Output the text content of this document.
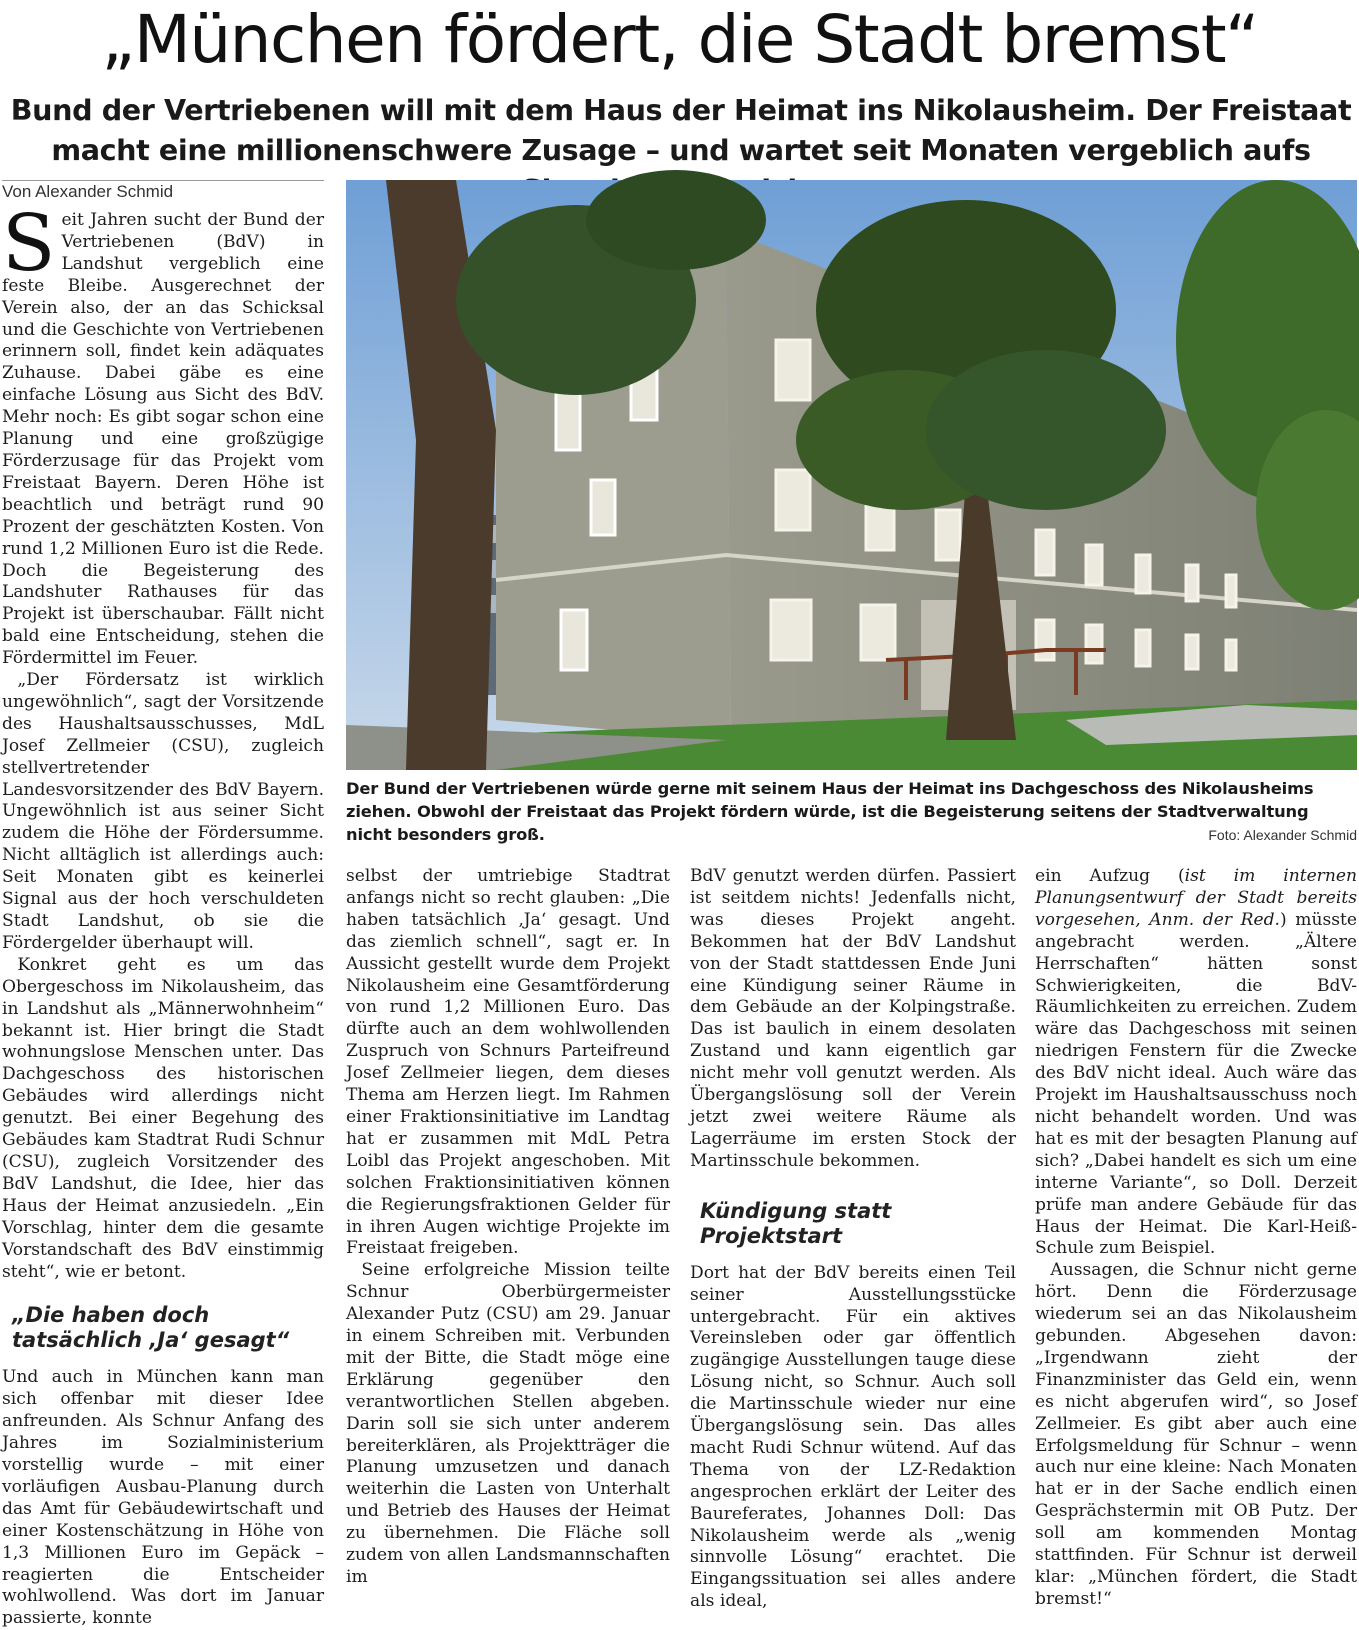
„München fördert, die Stadt bremst“
Bund der Vertriebenen will mit dem Haus der Heimat ins Nikolausheim. Der Freistaat macht eine millionenschwere Zusage – und wartet seit Monaten vergeblich aufs
Von Alexander Schmid

Seit Jahren sucht der Bund der Vertriebenen (BdV) in Landshut vergeblich eine feste Bleibe. Ausgerechnet der Verein also, der an das Schicksal und die Geschichte von Vertriebenen erinnern soll, findet kein adäquates Zuhause. Dabei gäbe es eine einfache Lösung aus Sicht des BdV. Mehr noch: Es gibt sogar schon eine Planung und eine großzügige Förderzusage für das Projekt vom Freistaat Bayern. Deren Höhe ist beachtlich und beträgt rund 90 Prozent der geschätzten Kosten. Von rund 1,2 Millionen Euro ist die Rede. Doch die Begeisterung des Landshuter Rathauses für das Projekt ist überschaubar. Fällt nicht bald eine Entscheidung, stehen die Fördermittel im Feuer.

„Der Fördersatz ist wirklich ungewöhnlich“, sagt der Vorsitzende des Haushaltsausschusses, MdL Josef Zellmeier (CSU), zugleich stellvertretender Landesvorsitzender des BdV Bayern. Ungewöhnlich ist aus seiner Sicht zudem die Höhe der Fördersumme. Nicht alltäglich ist allerdings auch: Seit Monaten gibt es keinerlei Signal aus der hoch verschuldeten Stadt Landshut, ob sie die Fördergelder überhaupt will.

Konkret geht es um das Obergeschoss im Nikolausheim, das in Landshut als „Männerwohnheim“ bekannt ist. Hier bringt die Stadt wohnungslose Menschen unter. Das Dachgeschoss des historischen Gebäudes wird allerdings nicht genutzt. Bei einer Begehung des Gebäudes kam Stadtrat Rudi Schnur (CSU), zugleich Vorsitzender des BdV Landshut, die Idee, hier das Haus der Heimat anzusiedeln. „Ein Vorschlag, hinter dem die gesamte Vorstandschaft des BdV einstimmig steht“, wie er betont.

„Die haben doch tatsächlich ‚Ja‘ gesagt“

Und auch in München kann man sich offenbar mit dieser Idee anfreunden. Als Schnur Anfang des Jahres im Sozialministerium vorstellig wurde – mit einer vorläufigen Ausbau-Planung durch das Amt für Gebäudewirtschaft und einer Kostenschätzung in Höhe von 1,3 Millionen Euro im Gepäck – reagierten die Entscheider wohlwollend. Was dort im Januar passierte, konnte

Der Bund der Vertriebenen würde gerne mit seinem Haus der Heimat ins Dachgeschoss des Nikolausheims ziehen. Obwohl der Freistaat das Projekt fördern würde, ist die Begeisterung seitens der Stadtverwaltung nicht besonders groß.	Foto: Alexander Schmid

selbst der umtriebige Stadtrat anfangs nicht so recht glauben: „Die haben tatsächlich ‚Ja‘ gesagt. Und das ziemlich schnell“, sagt er. In Aussicht gestellt wurde dem Projekt Nikolausheim eine Gesamtförderung von rund 1,2 Millionen Euro. Das dürfte auch an dem wohlwollenden Zuspruch von Schnurs Parteifreund Josef Zellmeier liegen, dem dieses Thema am Herzen liegt. Im Rahmen einer Fraktionsinitiative im Landtag hat er zusammen mit MdL Petra Loibl das Projekt angeschoben. Mit solchen Fraktionsinitiativen können die Regierungsfraktionen Gelder für in ihren Augen wichtige Projekte im Freistaat freigeben.

Seine erfolgreiche Mission teilte Schnur Oberbürgermeister Alexander Putz (CSU) am 29. Januar in einem Schreiben mit. Verbunden mit der Bitte, die Stadt möge eine Erklärung gegenüber den verantwortlichen Stellen abgeben. Darin soll sie sich unter anderem bereiterklären, als Projektträger die Planung umzusetzen und danach weiterhin die Lasten von Unterhalt und Betrieb des Hauses der Heimat zu übernehmen. Die Fläche soll zudem von allen Landsmannschaften im

BdV genutzt werden dürfen. Passiert ist seitdem nichts! Jedenfalls nicht, was dieses Projekt angeht. Bekommen hat der BdV Landshut von der Stadt stattdessen Ende Juni eine Kündigung seiner Räume in dem Gebäude an der Kolpingstraße. Das ist baulich in einem desolaten Zustand und kann eigentlich gar nicht mehr voll genutzt werden. Als Übergangslösung soll der Verein jetzt zwei weitere Räume als Lagerräume im ersten Stock der Martinsschule bekommen.

Kündigung statt Projektstart

Dort hat der BdV bereits einen Teil seiner Ausstellungsstücke untergebracht. Für ein aktives Vereinsleben oder gar öffentlich zugängige Ausstellungen tauge diese Lösung nicht, so Schnur. Auch soll die Martinsschule wieder nur eine Übergangslösung sein. Das alles macht Rudi Schnur wütend. Auf das Thema von der LZ-Redaktion angesprochen erklärt der Leiter des Baureferates, Johannes Doll: Das Nikolausheim werde als „wenig sinnvolle Lösung“ erachtet. Die Eingangssituation sei alles andere als ideal,

ein Aufzug (ist im internen Planungsentwurf der Stadt bereits vorgesehen, Anm. der Red.) müsste angebracht werden. „Ältere Herrschaften“ hätten sonst Schwierigkeiten, die BdV-Räumlichkeiten zu erreichen. Zudem wäre das Dachgeschoss mit seinen niedrigen Fenstern für die Zwecke des BdV nicht ideal. Auch wäre das Projekt im Haushaltsausschuss noch nicht behandelt worden. Und was hat es mit der besagten Planung auf sich? „Dabei handelt es sich um eine interne Variante“, so Doll. Derzeit prüfe man andere Gebäude für das Haus der Heimat. Die Karl-Heiß-Schule zum Beispiel.

Aussagen, die Schnur nicht gerne hört. Denn die Förderzusage wiederum sei an das Nikolausheim gebunden. Abgesehen davon: „Irgendwann zieht der Finanzminister das Geld ein, wenn es nicht abgerufen wird“, so Josef Zellmeier. Es gibt aber auch eine Erfolgsmeldung für Schnur – wenn auch nur eine kleine: Nach Monaten hat er in der Sache endlich einen Gesprächstermin mit OB Putz. Der soll am kommenden Montag stattfinden. Für Schnur ist derweil klar: „München fördert, die Stadt bremst!“
